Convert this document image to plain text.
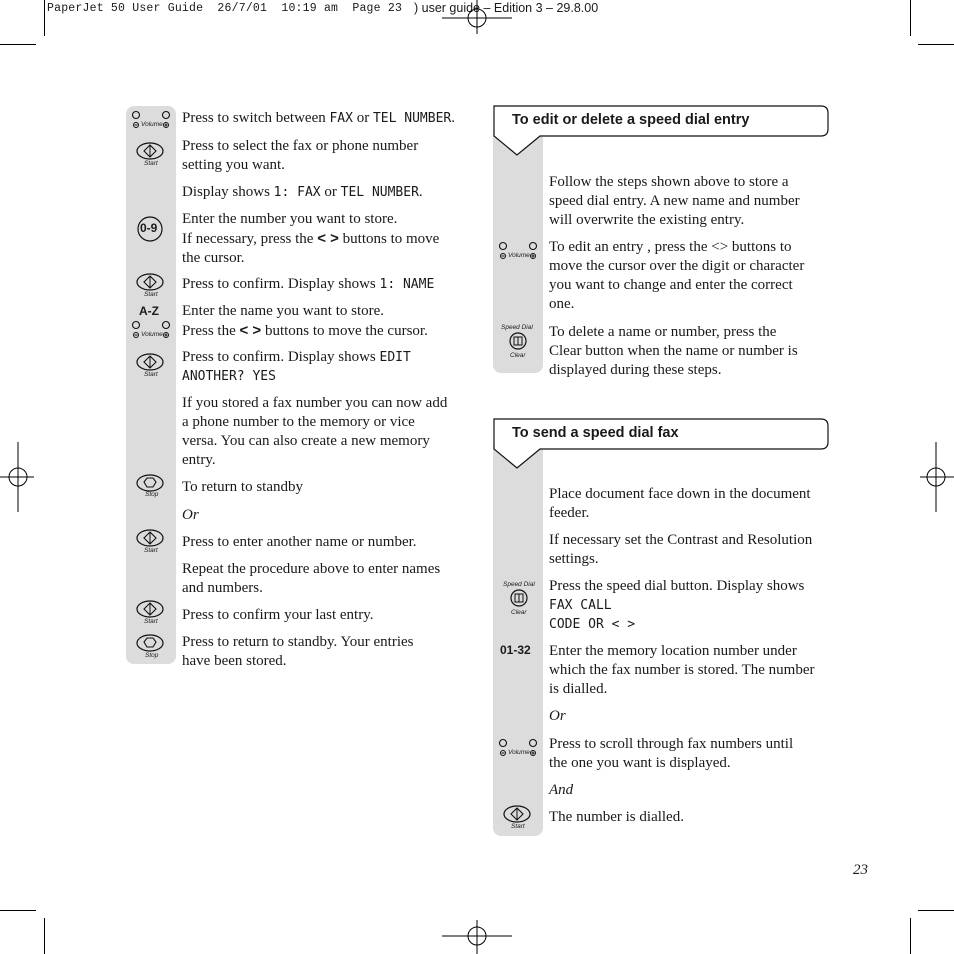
PaperJet 50 User Guide  26/7/01  10:19 am  Page 23 ) user guide – Edition 3 – 29.8.00
Volume Press to switch between FAX or TEL NUMBER.
Start
Press to select the fax or phone number
setting you want.
Display shows 1: FAX or TEL NUMBER.
0-9
Enter the number you want to store.
If necessary, press the < > buttons to move
the cursor.
Start
Press to confirm. Display shows 1: NAME
A-Z
Volume
Enter the name you want to store.
Press the < > buttons to move the cursor.
Start
Press to confirm. Display shows EDIT
ANOTHER? YES
If you stored a fax number you can now add
a phone number to the memory or vice
versa. You can also create a new memory
entry.
Stop To return to standby
Or
Start
Press to enter another name or number.
Repeat the procedure above to enter names
and numbers.
Start Press to confirm your last entry.
Stop
Press to return to standby. Your entries
have been stored.
To edit or delete a speed dial entry
Follow the steps shown above to store a
speed dial entry. A new name and number
will overwrite the existing entry.
Volume
To edit an entry , press the <> buttons to
move the cursor over the digit or character
you want to change and enter the correct
one.
Speed Dial
Clear
To delete a name or number, press the
Clear button when the name or number is
displayed during these steps.
To send a speed dial fax
Place document face down in the document
feeder.
If necessary set the Contrast and Resolution
settings.
Speed Dial
Clear
Press the speed dial button. Display shows
FAX CALL
CODE OR < >
01-32 Enter the memory location number under
which the fax number is stored. The number
is dialled.
Or
Volume
Press to scroll through fax numbers until
the one you want is displayed.
And
Start
The number is dialled.
23
